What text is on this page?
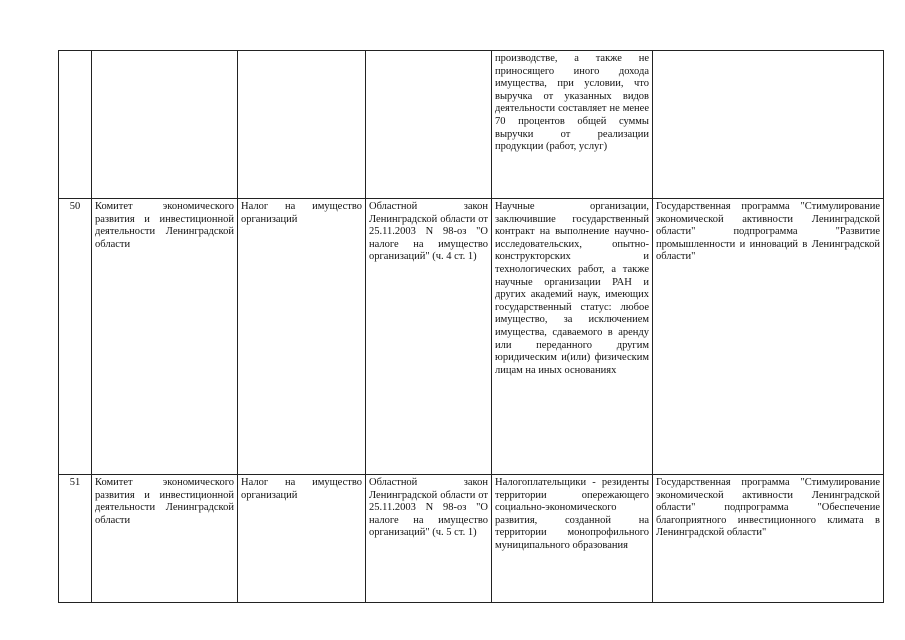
				производстве, а также не приносящего иного дохода имущества, при условии, что выручка от указанных видов деятельности составляет не менее 70 процентов общей суммы выручки от реализации продукции (работ, услуг)	
50	Комитет экономического развития и инвестиционной деятельности Ленинградской области	Налог на имущество организаций	Областной закон Ленинградской области от 25.11.2003 N 98-оз "О налоге на имущество организаций" (ч. 4 ст. 1)	Научные организации, заключившие государственный контракт на выполнение научно-исследовательских, опытно-конструкторских и технологических работ, а также научные организации РАН и других академий наук, имеющих государственный статус: любое имущество, за исключением имущества, сдаваемого в аренду или переданного другим юридическим и(или) физическим лицам на иных основаниях	Государственная программа "Стимулирование экономической активности Ленинградской области" подпрограмма "Развитие промышленности и инноваций в Ленинградской области"
51	Комитет экономического развития и инвестиционной деятельности Ленинградской области	Налог на имущество организаций	Областной закон Ленинградской области от 25.11.2003 N 98-оз "О налоге на имущество организаций" (ч. 5 ст. 1)	Налогоплательщики - резиденты территории опережающего социально-экономического развития, созданной на территории монопрофильного муниципального образования	Государственная программа "Стимулирование экономической активности Ленинградской области" подпрограмма "Обеспечение благоприятного инвестиционного климата в Ленинградской области"
